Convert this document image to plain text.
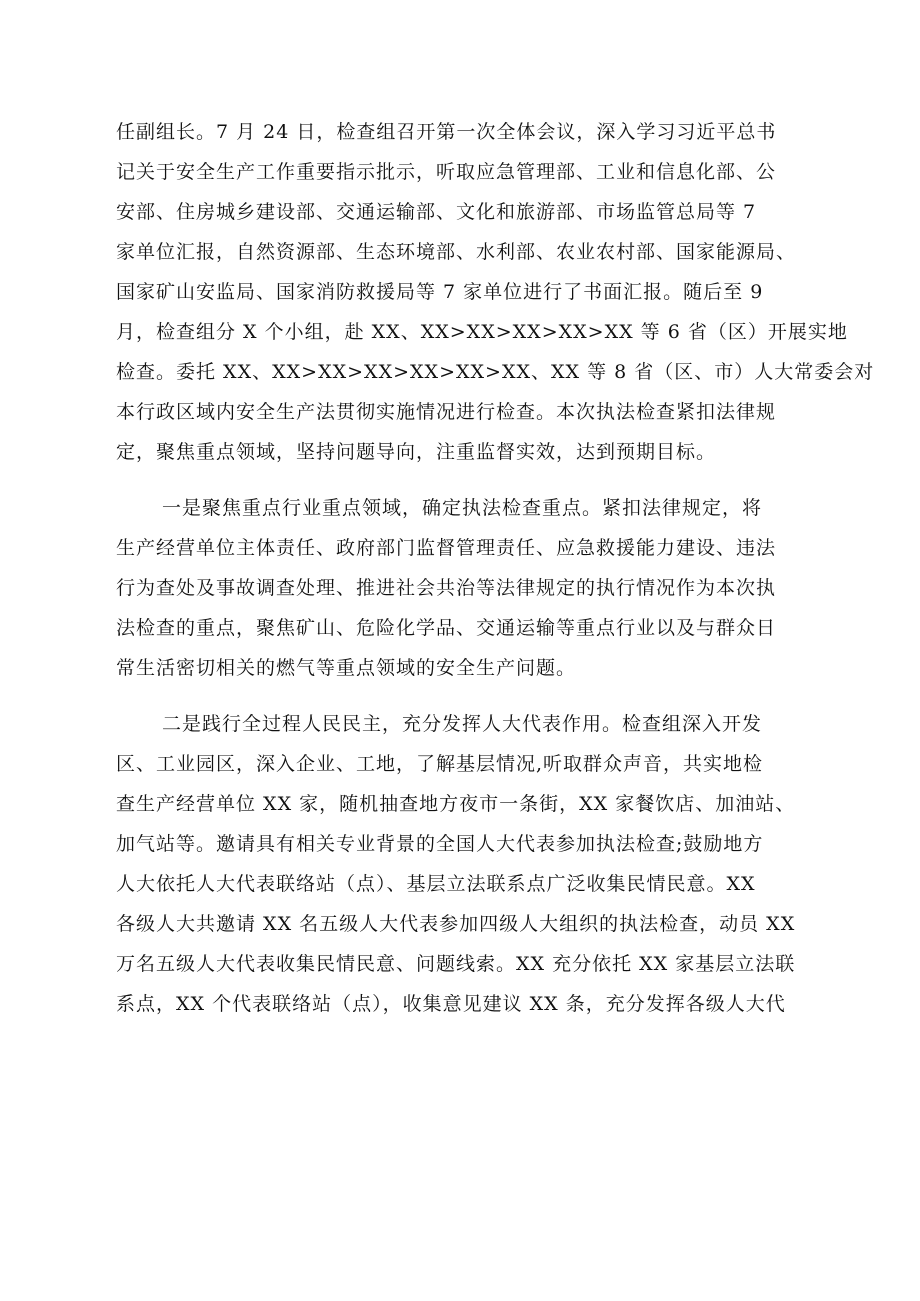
任副组长。7 月 24 日，检查组召开第一次全体会议，深入学习习近平总书
记关于安全生产工作重要指示批示，听取应急管理部、工业和信息化部、公
安部、住房城乡建设部、交通运输部、文化和旅游部、市场监管总局等 7
家单位汇报，自然资源部、生态环境部、水利部、农业农村部、国家能源局、
国家矿山安监局、国家消防救援局等 7 家单位进行了书面汇报。随后至 9
月，检查组分 X 个小组，赴 XX、XX>XX>XX>XX>XX 等 6 省（区）开展实地
检查。委托 XX、XX>XX>XX>XX>XX>XX、XX 等 8 省（区、市）人大常委会对
本行政区域内安全生产法贯彻实施情况进行检查。本次执法检查紧扣法律规
定，聚焦重点领域，坚持问题导向，注重监督实效，达到预期目标。

一是聚焦重点行业重点领域，确定执法检查重点。紧扣法律规定，将
生产经营单位主体责任、政府部门监督管理责任、应急救援能力建设、违法
行为查处及事故调查处理、推进社会共治等法律规定的执行情况作为本次执
法检查的重点，聚焦矿山、危险化学品、交通运输等重点行业以及与群众日
常生活密切相关的燃气等重点领域的安全生产问题。

二是践行全过程人民民主，充分发挥人大代表作用。检查组深入开发
区、工业园区，深入企业、工地，了解基层情况,听取群众声音，共实地检
查生产经营单位 XX 家，随机抽查地方夜市一条街，XX 家餐饮店、加油站、
加气站等。邀请具有相关专业背景的全国人大代表参加执法检查;鼓励地方
人大依托人大代表联络站（点）、基层立法联系点广泛收集民情民意。XX
各级人大共邀请 XX 名五级人大代表参加四级人大组织的执法检查，动员 XX
万名五级人大代表收集民情民意、问题线索。XX 充分依托 XX 家基层立法联
系点，XX 个代表联络站（点），收集意见建议 XX 条，充分发挥各级人大代
